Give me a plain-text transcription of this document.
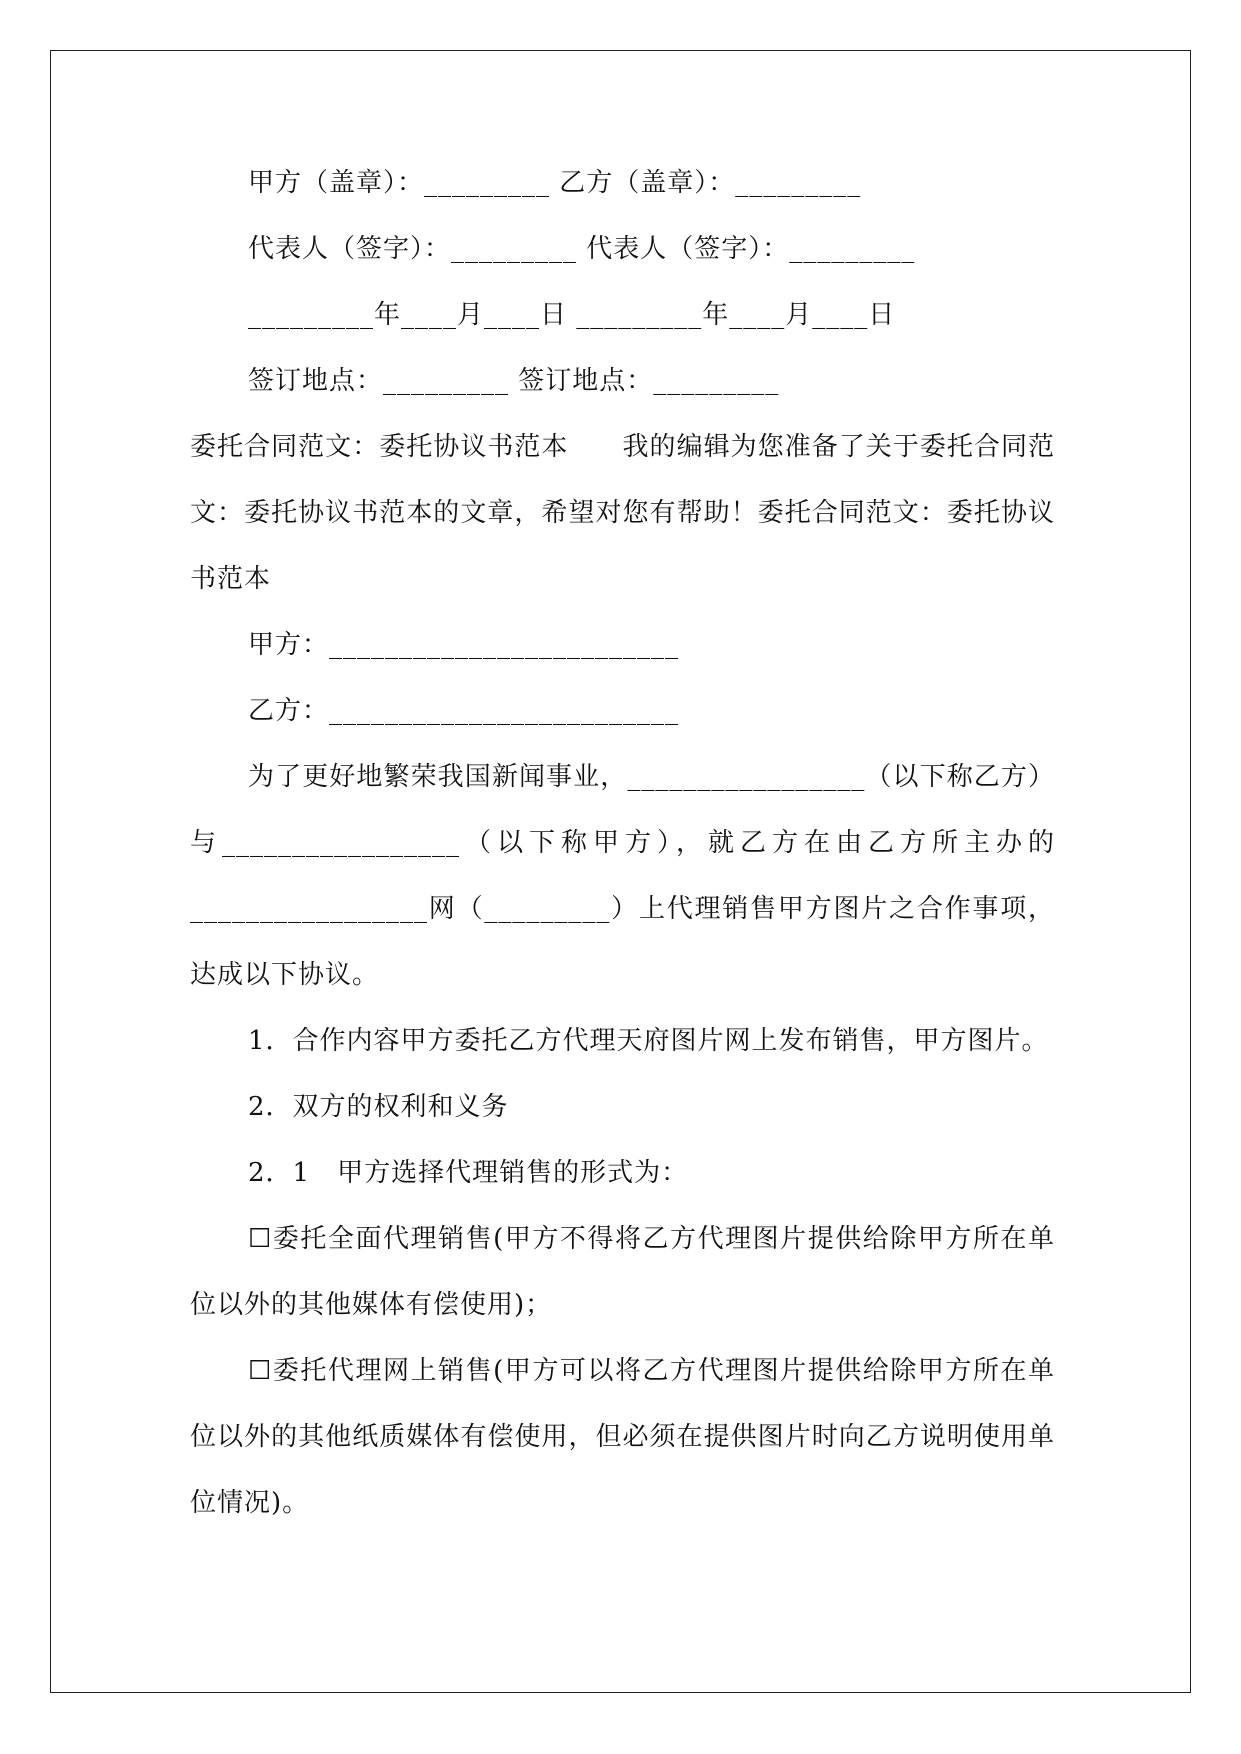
甲方（盖章）：_________ 乙方（盖章）：_________
代表人（签字）：_________ 代表人（签字）：_________
_________年____月____日 _________年____月____日
签订地点：_________ 签订地点：_________
委托合同范文：委托协议书范本　　我的编辑为您准备了关于委托合同范文：委托协议书范本的文章，希望对您有帮助！委托合同范文：委托协议书范本
甲方：_________________________
乙方：_________________________
为了更好地繁荣我国新闻事业，_________________（以下称乙方）与_________________（以下称甲方），就乙方在由乙方所主办的_________________网（_________）上代理销售甲方图片之合作事项，达成以下协议。
1．合作内容甲方委托乙方代理天府图片网上发布销售，甲方图片。
2．双方的权利和义务
2．1　甲方选择代理销售的形式为：
☐委托全面代理销售(甲方不得将乙方代理图片提供给除甲方所在单位以外的其他媒体有偿使用)；
☐委托代理网上销售(甲方可以将乙方代理图片提供给除甲方所在单位以外的其他纸质媒体有偿使用，但必须在提供图片时向乙方说明使用单位情况)。
